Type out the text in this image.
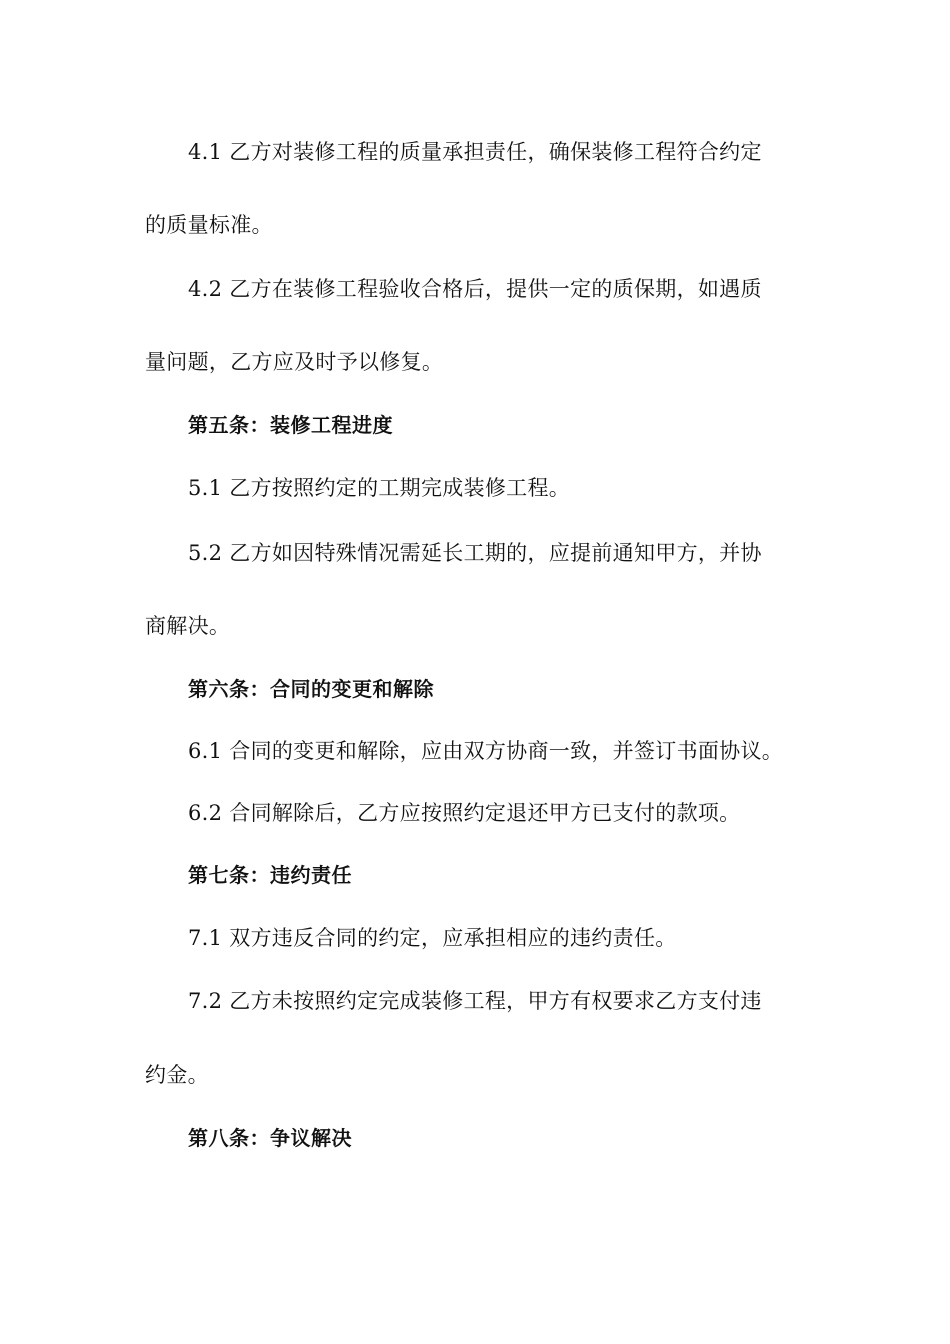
4.1 乙方对装修工程的质量承担责任，确保装修工程符合约定
的质量标准。
4.2 乙方在装修工程验收合格后，提供一定的质保期，如遇质
量问题，乙方应及时予以修复。
第五条：装修工程进度
5.1 乙方按照约定的工期完成装修工程。
5.2 乙方如因特殊情况需延长工期的，应提前通知甲方，并协
商解决。
第六条：合同的变更和解除
6.1 合同的变更和解除，应由双方协商一致，并签订书面协议。
6.2 合同解除后，乙方应按照约定退还甲方已支付的款项。
第七条：违约责任
7.1 双方违反合同的约定，应承担相应的违约责任。
7.2 乙方未按照约定完成装修工程，甲方有权要求乙方支付违
约金。
第八条：争议解决
